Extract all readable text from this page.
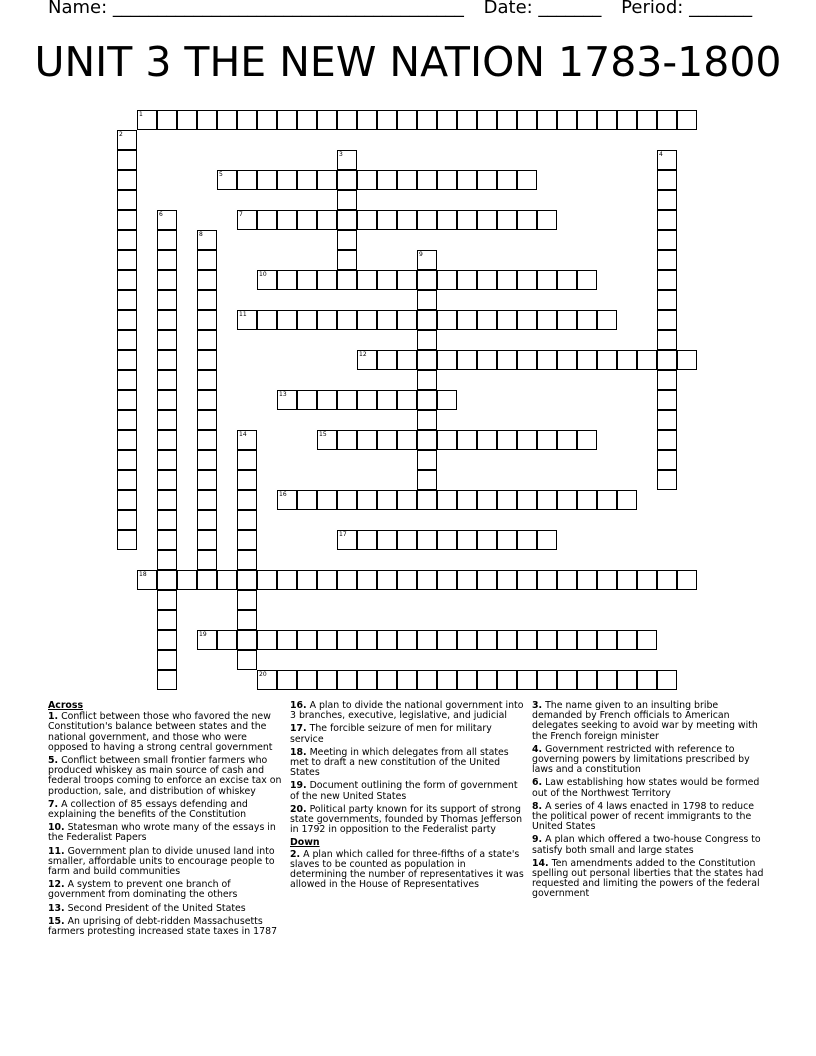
Name: _______________________________________ Date: _______ Period: _______
UNIT 3 THE NEW NATION 1783-1800
1
2
3	4
5
6	7
8
9
10
11
12
13
14	15
16
17
18
19
20
Across
1. Conflict between those who favored the new Constitution's balance between states and the national government, and those who were opposed to having a strong central government
5. Conflict between small frontier farmers who produced whiskey as main source of cash and federal troops coming to enforce an excise tax on production, sale, and distribution of whiskey
7. A collection of 85 essays defending and explaining the benefits of the Constitution
10. Statesman who wrote many of the essays in the Federalist Papers
11. Government plan to divide unused land into smaller, affordable units to encourage people to farm and build communities
12. A system to prevent one branch of government from dominating the others
13. Second President of the United States
15. An uprising of debt-ridden Massachusetts farmers protesting increased state taxes in 1787
16. A plan to divide the national government into 3 branches, executive, legislative, and judicial
17. The forcible seizure of men for military service
18. Meeting in which delegates from all states met to draft a new constitution of the United States
19. Document outlining the form of government of the new United States
20. Political party known for its support of strong state governments, founded by Thomas Jefferson in 1792 in opposition to the Federalist party
Down
2. A plan which called for three-fifths of a state's slaves to be counted as population in determining the number of representatives it was allowed in the House of Representatives
3. The name given to an insulting bribe demanded by French officials to American delegates seeking to avoid war by meeting with the French foreign minister
4. Government restricted with reference to governing powers by limitations prescribed by laws and a constitution
6. Law establishing how states would be formed out of the Northwest Territory
8. A series of 4 laws enacted in 1798 to reduce the political power of recent immigrants to the United States
9. A plan which offered a two-house Congress to satisfy both small and large states
14. Ten amendments added to the Constitution spelling out personal liberties that the states had requested and limiting the powers of the federal government
